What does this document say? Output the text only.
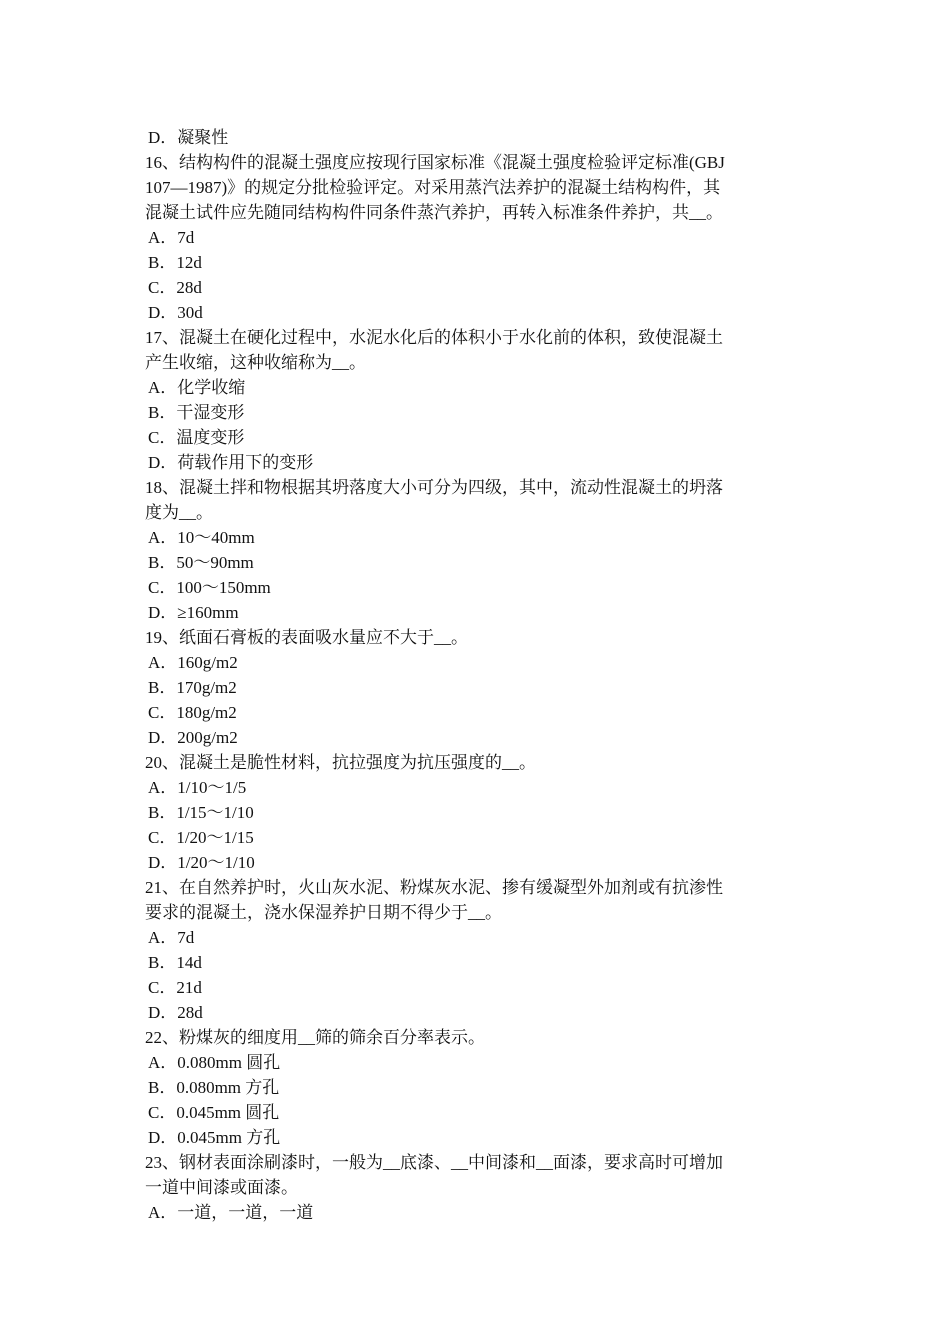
D．凝聚性
16、结构构件的混凝土强度应按现行国家标准《混凝土强度检验评定标准(GBJ
107—1987)》的规定分批检验评定。对采用蒸汽法养护的混凝土结构构件，其
混凝土试件应先随同结构构件同条件蒸汽养护，再转入标准条件养护，共__。
A．7d
B．12d
C．28d
D．30d
17、混凝土在硬化过程中，水泥水化后的体积小于水化前的体积，致使混凝土
产生收缩，这种收缩称为__。
A．化学收缩
B．干湿变形
C．温度变形
D．荷载作用下的变形
18、混凝土拌和物根据其坍落度大小可分为四级，其中，流动性混凝土的坍落
度为__。
A．10～40mm
B．50～90mm
C．100～150mm
D．≥160mm
19、纸面石膏板的表面吸水量应不大于__。
A．160g/m2
B．170g/m2
C．180g/m2
D．200g/m2
20、混凝土是脆性材料，抗拉强度为抗压强度的__。
A．1/10～1/5
B．1/15～1/10
C．1/20～1/15
D．1/20～1/10
21、在自然养护时，火山灰水泥、粉煤灰水泥、掺有缓凝型外加剂或有抗渗性
要求的混凝土，浇水保湿养护日期不得少于__。
A．7d
B．14d
C．21d
D．28d
22、粉煤灰的细度用__筛的筛余百分率表示。
A．0.080mm 圆孔
B．0.080mm 方孔
C．0.045mm 圆孔
D．0.045mm 方孔
23、钢材表面涂刷漆时，一般为__底漆、__中间漆和__面漆，要求高时可增加
一道中间漆或面漆。
A．一道，一道，一道
